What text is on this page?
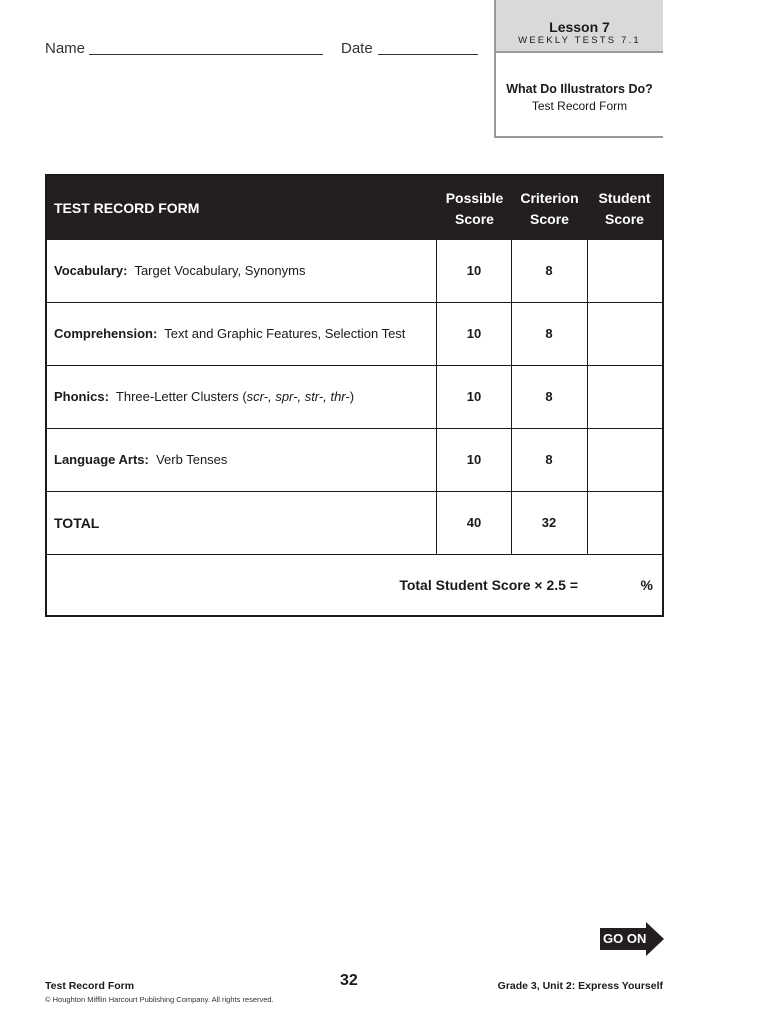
Name	Date
Lesson 7
WEEKLY TESTS 7.1
What Do Illustrators Do?
Test Record Form
TEST RECORD FORM
Possible
Score
Criterion
Score
Student
Score
Vocabulary: Target Vocabulary, Synonyms	10	8
Comprehension: Text and Graphic Features, Selection Test	10	8
Phonics: Three-Letter Clusters (scr-, spr-, str-, thr-)	10	8
Language Arts: Verb Tenses	10	8
TOTAL	40	32
Total Student Score × 2.5 =	%
GO ON
Test Record Form
© Houghton Mifflin Harcourt Publishing Company. All rights reserved.
32	Grade 3, Unit 2: Express Yourself
